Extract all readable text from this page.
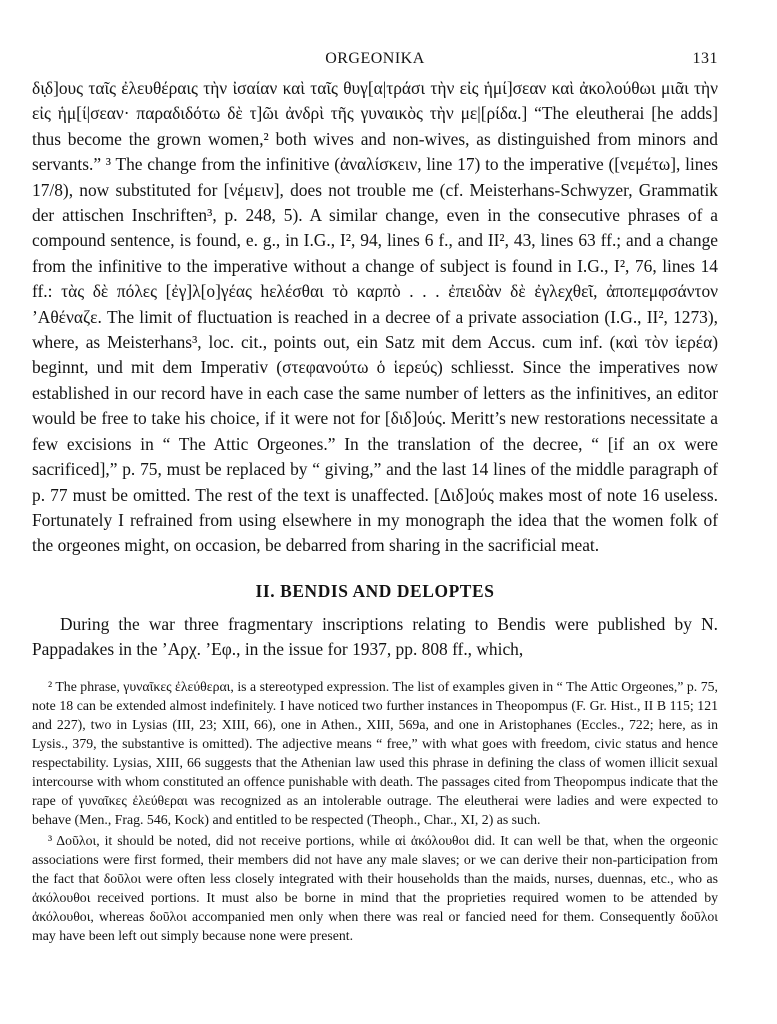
ORGEONIKA	131

δι̣δ]ους ταῖς ἐλευθέραις τὴν ἰσαίαν καὶ ταῖς θυγ[α|τράσι τὴν εἰς ἡμί]σεαν καὶ ἀκολούθωι μιᾶι τὴν εἰς ἡμ[ί|σεαν· παραδιδότω δὲ τ]ῶι ἀνδρὶ τῆς γυναικὸς τὴν με|[ρίδα.] “The eleutherai [he adds] thus become the grown women,² both wives and non-wives, as distinguished from minors and servants.” ³ The change from the infinitive (ἀναλίσκειν, line 17) to the imperative ([νεμέτω], lines 17/8), now substituted for [νέμειν], does not trouble me (cf. Meisterhans-Schwyzer, Grammatik der attischen Inschriften³, p. 248, 5). A similar change, even in the consecutive phrases of a compound sentence, is found, e. g., in I.G., I², 94, lines 6 f., and II², 43, lines 63 ff.; and a change from the infinitive to the imperative without a change of subject is found in I.G., I², 76, lines 14 ff.: τὰς δὲ πόλες [ἐγ]λ[ο]γέας hελέσθαι τὸ καρπὸ . . . ἐπειδὰν δὲ ἐγλεχθεῖ, ἀποπεμφσάντον ’Αθέναζε. The limit of fluctuation is reached in a decree of a private association (I.G., II², 1273), where, as Meisterhans³, loc. cit., points out, ein Satz mit dem Accus. cum inf. (καὶ τὸν ἱερέα) beginnt, und mit dem Imperativ (στεφανούτω ὁ ἱερεύς) schliesst. Since the imperatives now established in our record have in each case the same number of letters as the infinitives, an editor would be free to take his choice, if it were not for [διδ]ούς. Meritt’s new restorations necessitate a few excisions in “ The Attic Orgeones.” In the translation of the decree, “ [if an ox were sacrificed],” p. 75, must be replaced by “ giving,” and the last 14 lines of the middle paragraph of p. 77 must be omitted. The rest of the text is unaffected. [Διδ]ούς makes most of note 16 useless. Fortunately I refrained from using elsewhere in my monograph the idea that the women folk of the orgeones might, on occasion, be debarred from sharing in the sacrificial meat.

II. BENDIS AND DELOPTES

During the war three fragmentary inscriptions relating to Bendis were published by N. Pappadakes in the ’Αρχ. ’Εφ., in the issue for 1937, pp. 808 ff., which,

² The phrase, γυναῖκες ἐλεύθεραι, is a stereotyped expression. The list of examples given in “ The Attic Orgeones,” p. 75, note 18 can be extended almost indefinitely. I have noticed two further instances in Theopompus (F. Gr. Hist., II B 115; 121 and 227), two in Lysias (III, 23; XIII, 66), one in Athen., XIII, 569a, and one in Aristophanes (Eccles., 722; here, as in Lysis., 379, the substantive is omitted). The adjective means “ free,” with what goes with freedom, civic status and hence respectability. Lysias, XIII, 66 suggests that the Athenian law used this phrase in defining the class of women illicit sexual intercourse with whom constituted an offence punishable with death. The passages cited from Theopompus indicate that the rape of γυναῖκες ἐλεύθεραι was recognized as an intolerable outrage. The eleutherai were ladies and were expected to behave (Men., Frag. 546, Kock) and entitled to be respected (Theoph., Char., XI, 2) as such.

³ Δοῦλοι, it should be noted, did not receive portions, while αἱ ἀκόλουθοι did. It can well be that, when the orgeonic associations were first formed, their members did not have any male slaves; or we can derive their non-participation from the fact that δοῦλοι were often less closely integrated with their households than the maids, nurses, duennas, etc., who as ἀκόλουθοι received portions. It must also be borne in mind that the proprieties required women to be attended by ἀκόλουθοι, whereas δοῦλοι accompanied men only when there was real or fancied need for them. Consequently δοῦλοι may have been left out simply because none were present.
